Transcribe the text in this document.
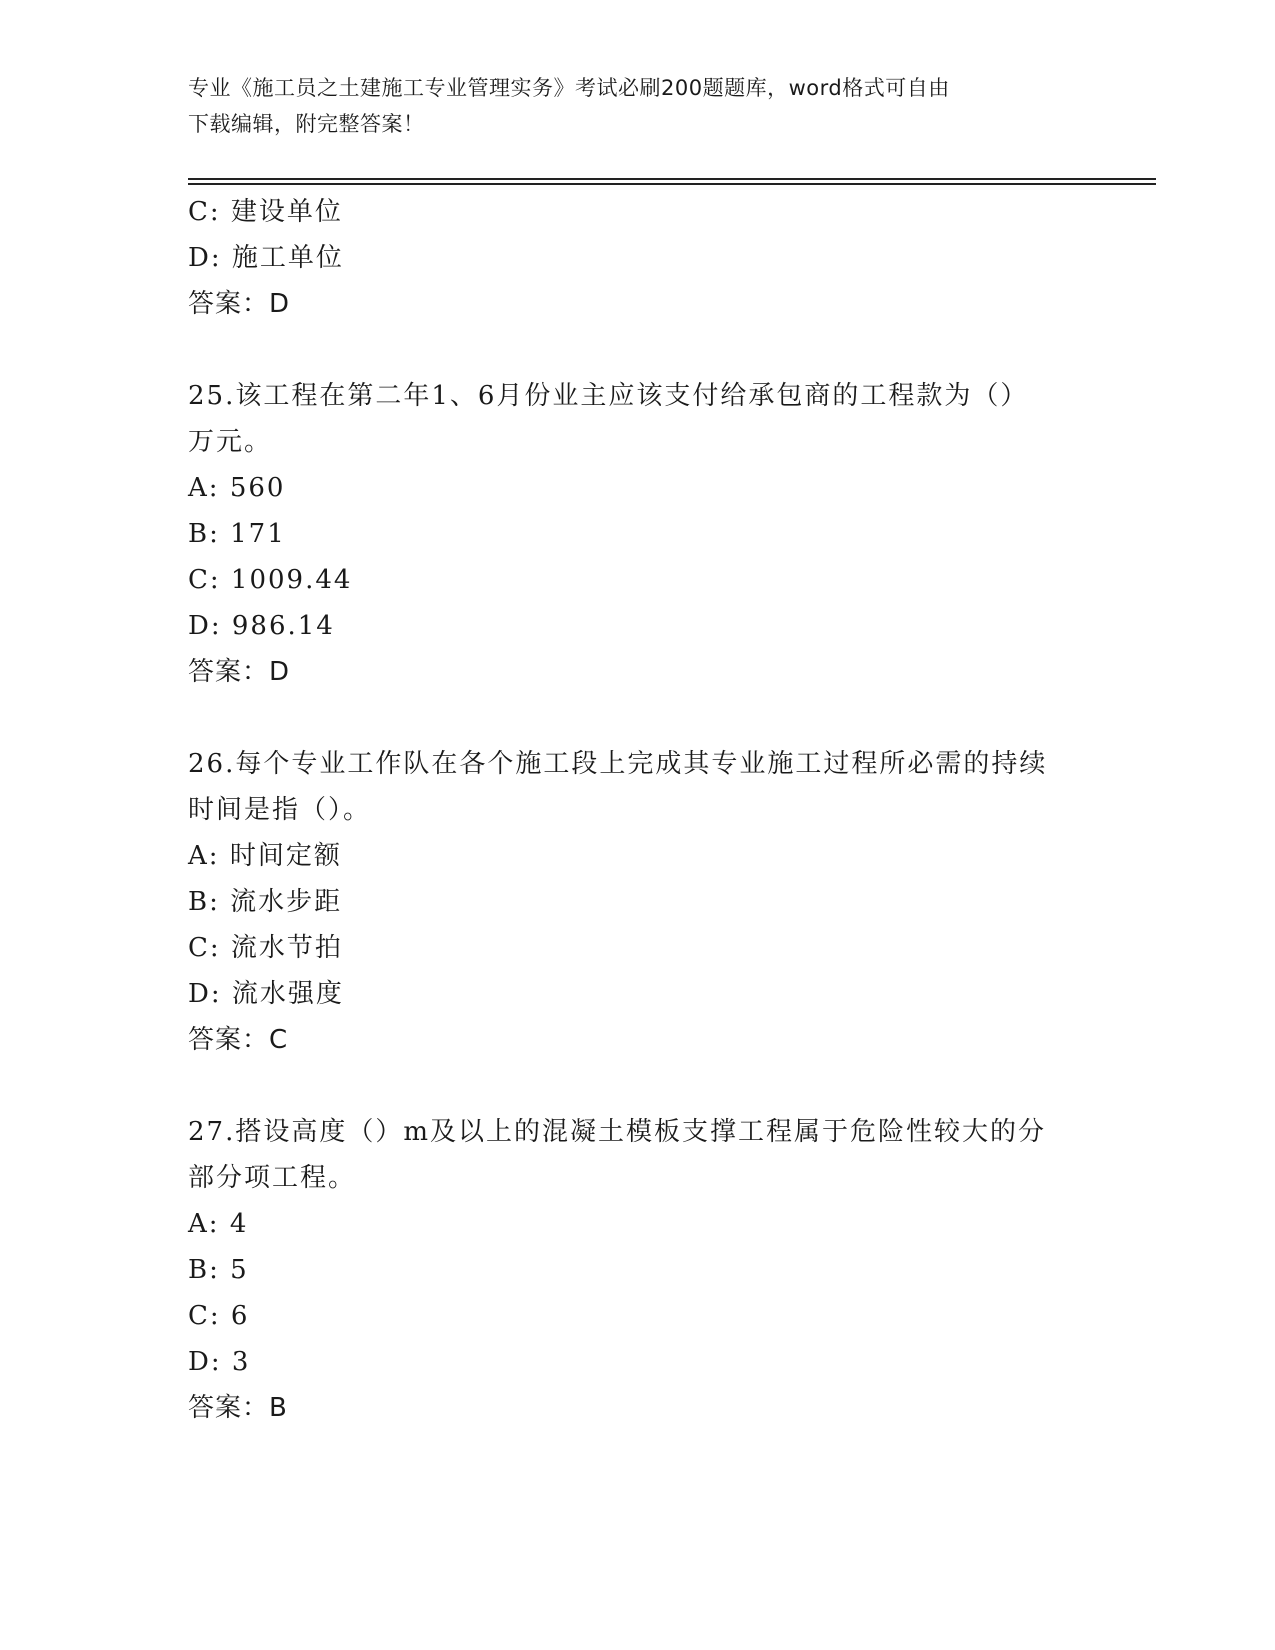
专业《施工员之土建施工专业管理实务》考试必刷200题题库，word格式可自由
下载编辑，附完整答案！
C: 建设单位
D: 施工单位
答案：D
25.该工程在第二年1、6月份业主应该支付给承包商的工程款为（）
万元。
A: 560
B: 171
C: 1009.44
D: 986.14
答案：D
26.每个专业工作队在各个施工段上完成其专业施工过程所必需的持续
时间是指（）。
A: 时间定额
B: 流水步距
C: 流水节拍
D: 流水强度
答案：C
27.搭设高度（）m及以上的混凝土模板支撑工程属于危险性较大的分
部分项工程。
A: 4
B: 5
C: 6
D: 3
答案：B
